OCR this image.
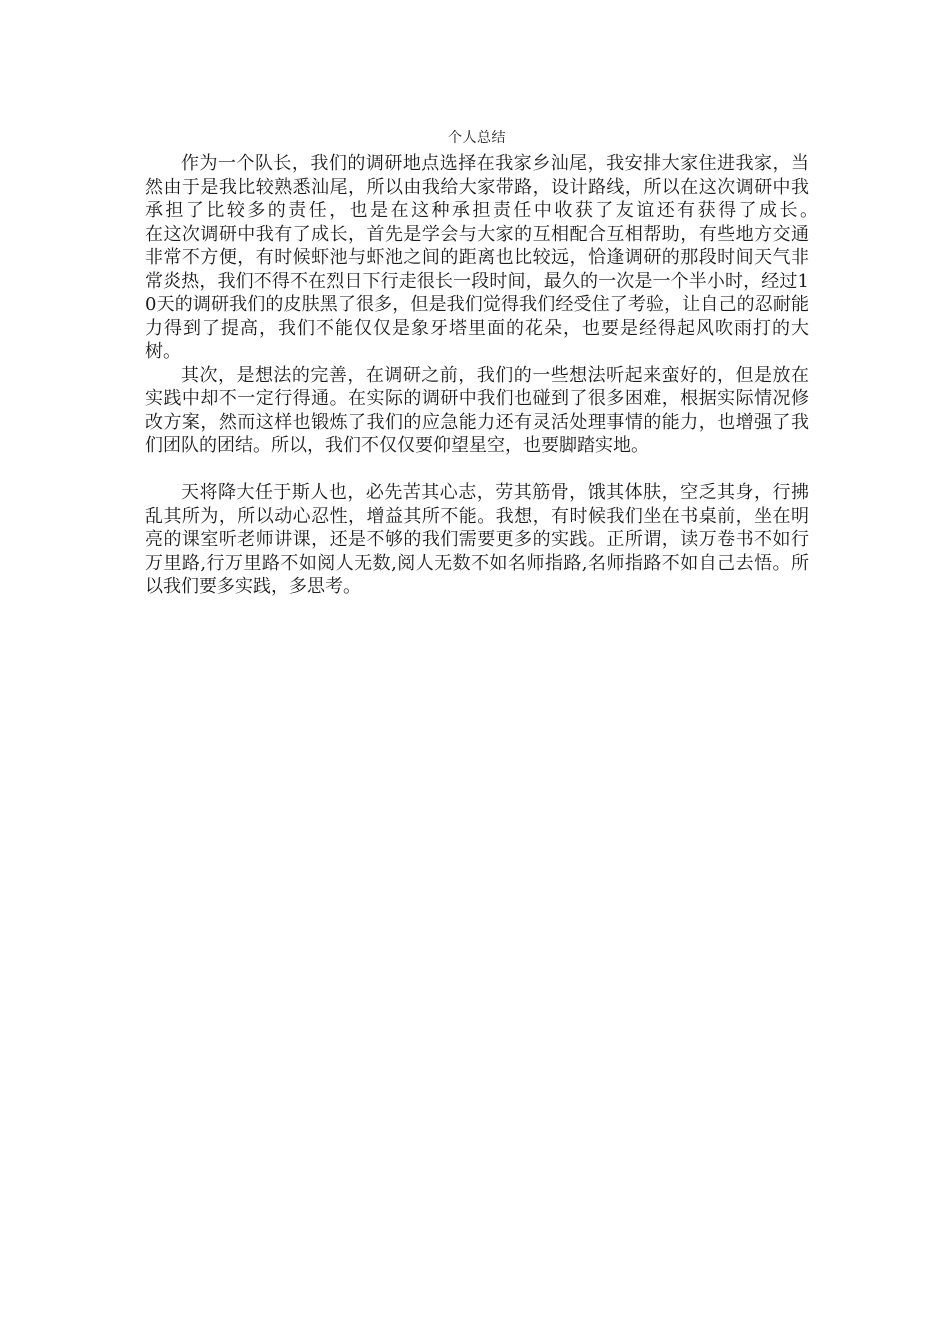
个人总结

作为一个队长，我们的调研地点选择在我家乡汕尾，我安排大家住进我家，当然由于是我比较熟悉汕尾，所以由我给大家带路，设计路线，所以在这次调研中我承担了比较多的责任，也是在这种承担责任中收获了友谊还有获得了成长。　　　　　　　在这次调研中我有了成长，首先是学会与大家的互相配合互相帮助，有些地方交通非常不方便，有时候虾池与虾池之间的距离也比较远，恰逢调研的那段时间天气非常炎热，我们不得不在烈日下行走很长一段时间，最久的一次是一个半小时，经过10天的调研我们的皮肤黑了很多，但是我们觉得我们经受住了考验，让自己的忍耐能力得到了提高，我们不能仅仅是象牙塔里面的花朵，也要是经得起风吹雨打的大树。

其次，是想法的完善，在调研之前，我们的一些想法听起来蛮好的，但是放在实践中却不一定行得通。在实际的调研中我们也碰到了很多困难，根据实际情况修改方案，然而这样也锻炼了我们的应急能力还有灵活处理事情的能力，也增强了我们团队的团结。所以，我们不仅仅要仰望星空，也要脚踏实地。

天将降大任于斯人也，必先苦其心志，劳其筋骨，饿其体肤，空乏其身，行拂乱其所为，所以动心忍性，增益其所不能。我想，有时候我们坐在书桌前，坐在明亮的课室听老师讲课，还是不够的我们需要更多的实践。正所谓，读万卷书不如行万里路,行万里路不如阅人无数,阅人无数不如名师指路,名师指路不如自己去悟。所以我们要多实践，多思考。
